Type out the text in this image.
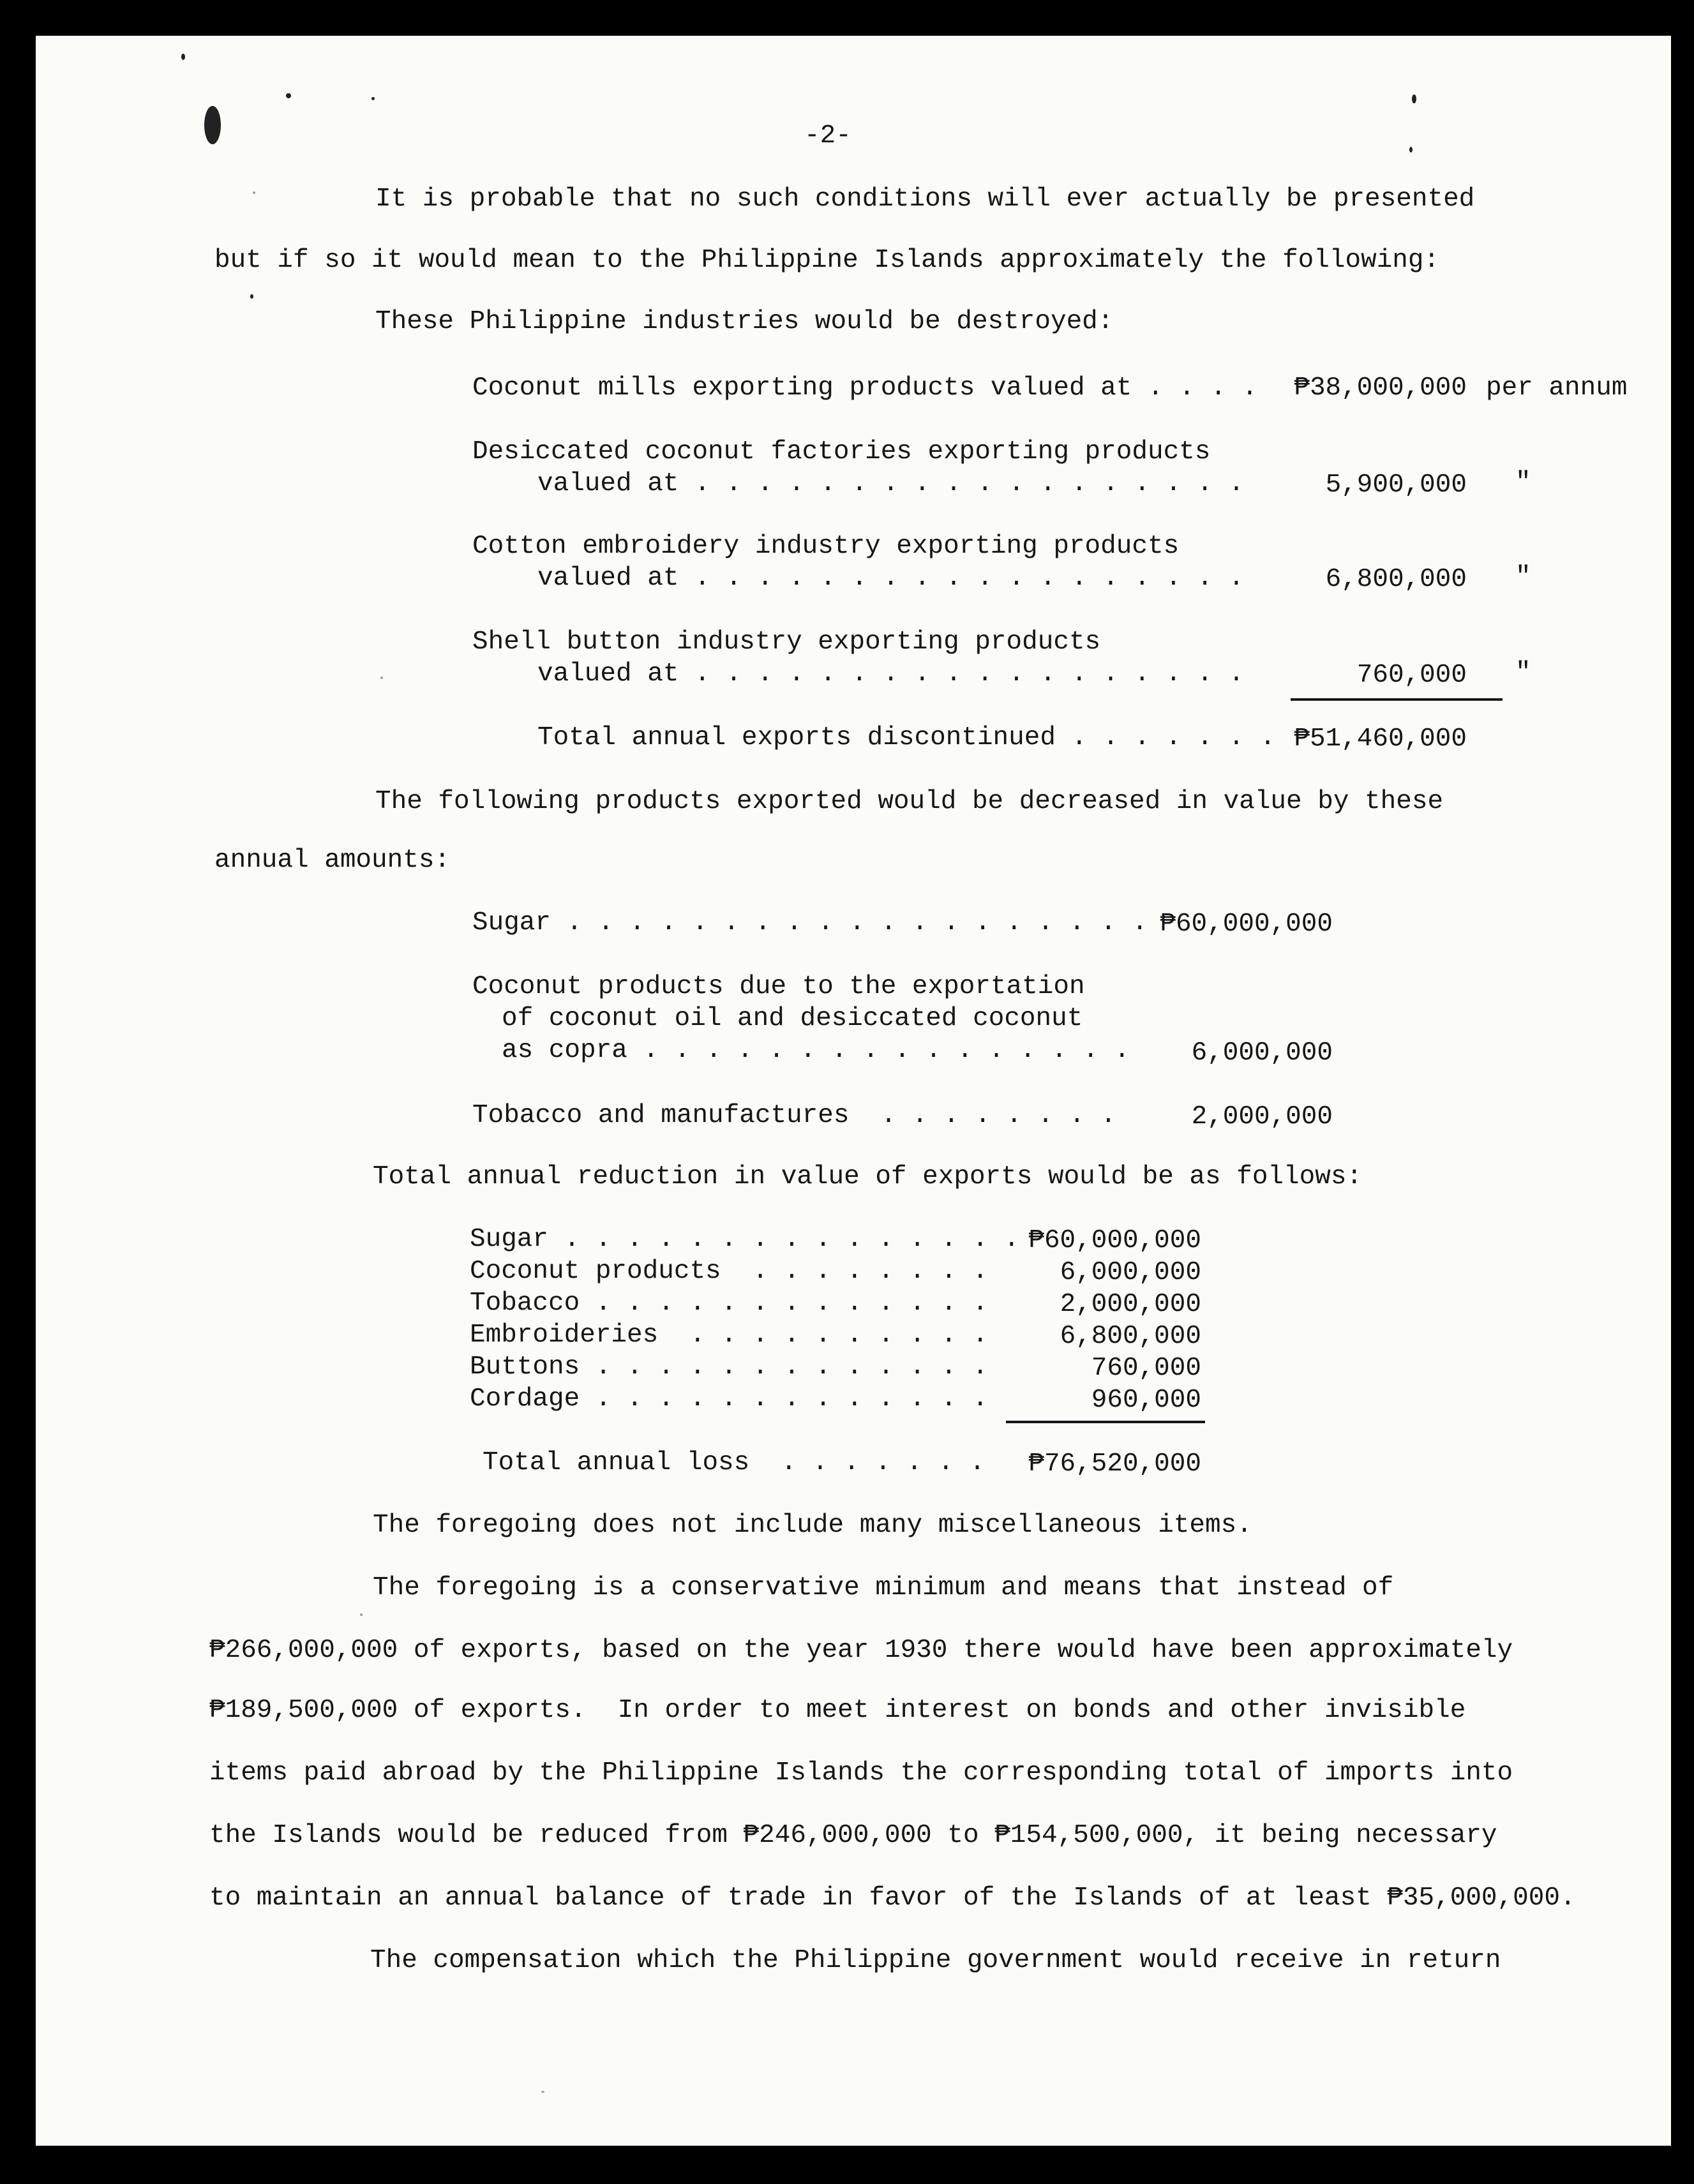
-2-
It is probable that no such conditions will ever actually be presented
but if so it would mean to the Philippine Islands approximately the following:
These Philippine industries would be destroyed:
Coconut mills exporting products valued at . . . .	₱38,000,000 per annum
Desiccated coconut factories exporting products
valued at . . . . . . . . . . . . . . . . . .	5,900,000 "
Cotton embroidery industry exporting products
valued at . . . . . . . . . . . . . . . . . .	6,800,000 "
Shell button industry exporting products
valued at . . . . . . . . . . . . . . . . . .	760,000 "
Total annual exports discontinued . . . . . . . ₱51,460,000
The following products exported would be decreased in value by these
annual amounts:
Sugar . . . . . . . . . . . . . . . . . . . ₱60,000,000
Coconut products due to the exportation
of coconut oil and desiccated coconut
as copra . . . . . . . . . . . . . . . .	6,000,000
Tobacco and manufactures  . . . . . . . .	2,000,000
Total annual reduction in value of exports would be as follows:
Sugar . . . . . . . . . . . . . . . ₱60,000,000
Coconut products  . . . . . . . .	6,000,000
Tobacco . . . . . . . . . . . . .	2,000,000
Embroideries  . . . . . . . . . .	6,800,000
Buttons . . . . . . . . . . . . .	760,000
Cordage . . . . . . . . . . . . .	960,000
Total annual loss  . . . . . . .	₱76,520,000
The foregoing does not include many miscellaneous items.
The foregoing is a conservative minimum and means that instead of
₱266,000,000 of exports, based on the year 1930 there would have been approximately
₱189,500,000 of exports.  In order to meet interest on bonds and other invisible
items paid abroad by the Philippine Islands the corresponding total of imports into
the Islands would be reduced from ₱246,000,000 to ₱154,500,000, it being necessary
to maintain an annual balance of trade in favor of the Islands of at least ₱35,000,000.
The compensation which the Philippine government would receive in return
